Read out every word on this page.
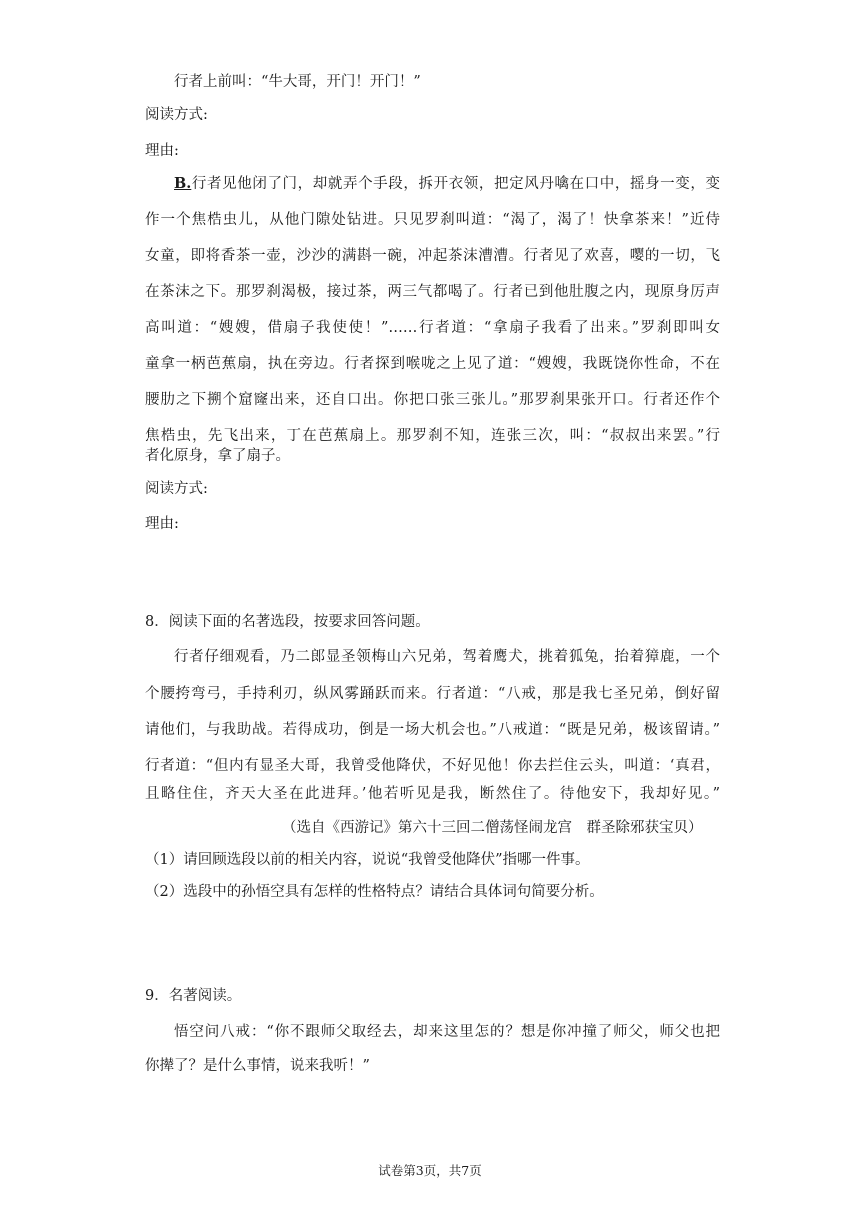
行者上前叫：“牛大哥，开门！开门！”
阅读方式:
理由:
B.行者见他闭了门，却就弄个手段，拆开衣领，把定风丹噙在口中，摇身一变，变
作一个焦梏虫儿，从他门隙处钻进。只见罗刹叫道：“渴了，渴了！快拿茶来！”近侍
女童，即将香茶一壶，沙沙的满斟一碗，冲起茶沫漕漕。行者见了欢喜，嘤的一切，飞
在茶沫之下。那罗刹渴极，接过茶，两三气都喝了。行者已到他肚腹之内，现原身厉声
高叫道：“嫂嫂，借扇子我使使！”……行者道：“拿扇子我看了出来。”罗刹即叫女
童拿一柄芭蕉扇，执在旁边。行者探到喉咙之上见了道：“嫂嫂，我既饶你性命，不在
腰肋之下搠个窟窿出来，还自口出。你把口张三张儿。”那罗刹果张开口。行者还作个
焦梏虫，先飞出来，丁在芭蕉扇上。那罗刹不知，连张三次，叫：“叔叔出来罢。”行
者化原身，拿了扇子。
阅读方式:
理由:
8．阅读下面的名著选段，按要求回答问题。
行者仔细观看，乃二郎显圣领梅山六兄弟，驾着鹰犬，挑着狐兔，抬着獐鹿，一个
个腰挎弯弓，手持利刃，纵风雾踊跃而来。行者道：“八戒，那是我七圣兄弟，倒好留
请他们，与我助战。若得成功，倒是一场大机会也。”八戒道：“既是兄弟，极该留请。”
行者道：“但内有显圣大哥，我曾受他降伏，不好见他！你去拦住云头，叫道：‘真君，
且略住住，齐天大圣在此进拜。’他若听见是我，断然住了。待他安下，我却好见。”
（选自《西游记》第六十三回二僧荡怪闹龙宫　群圣除邪获宝贝）
（1）请回顾选段以前的相关内容，说说“我曾受他降伏”指哪一件事。
（2）选段中的孙悟空具有怎样的性格特点？请结合具体词句简要分析。
9．名著阅读。
悟空问八戒：“你不跟师父取经去，却来这里怎的？想是你冲撞了师父，师父也把
你撵了？是什么事情，说来我听！”
试卷第3页，共7页
